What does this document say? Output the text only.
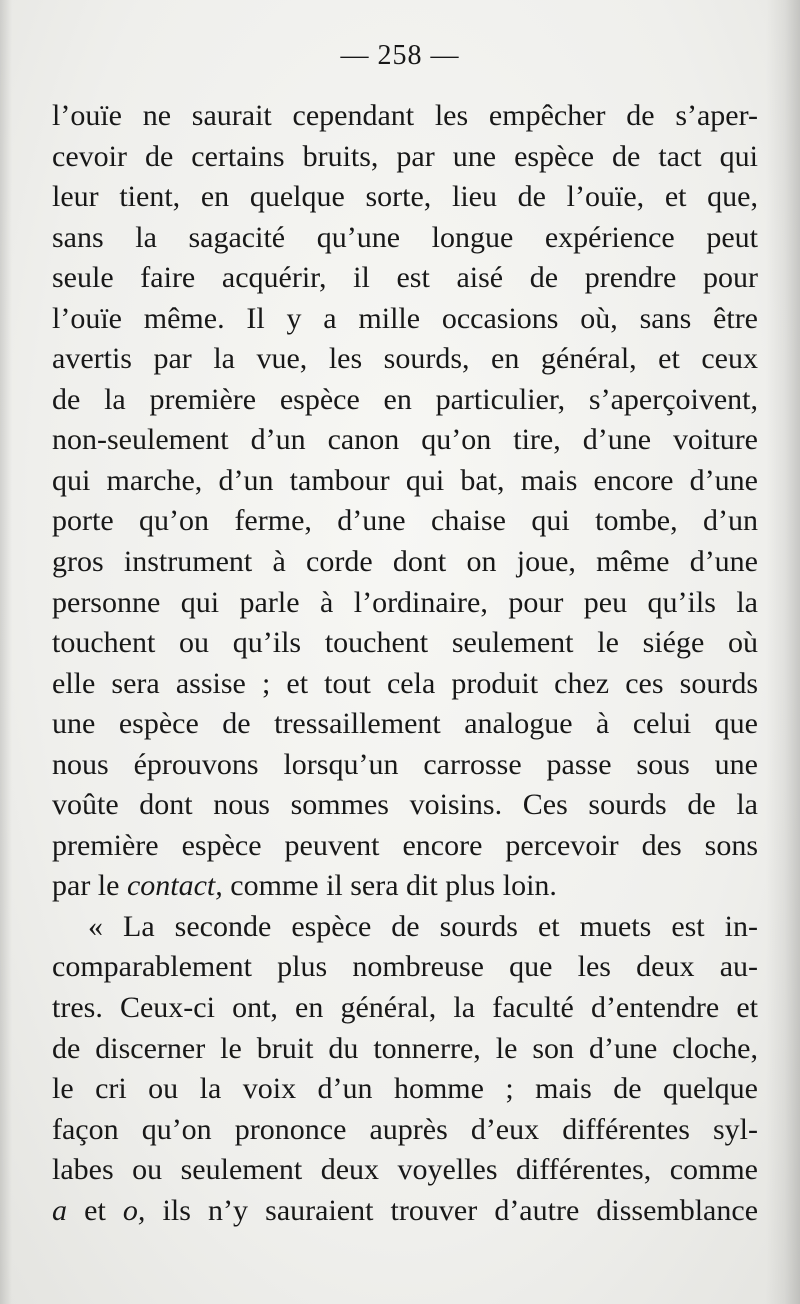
— 258 —
l’ouïe ne saurait cependant les empêcher de s’aper-
cevoir de certains bruits, par une espèce de tact qui
leur tient, en quelque sorte, lieu de l’ouïe, et que,
sans la sagacité qu’une longue expérience peut
seule faire acquérir, il est aisé de prendre pour
l’ouïe même. Il y a mille occasions où, sans être
avertis par la vue, les sourds, en général, et ceux
de la première espèce en particulier, s’aperçoivent,
non-seulement d’un canon qu’on tire, d’une voiture
qui marche, d’un tambour qui bat, mais encore d’une
porte qu’on ferme, d’une chaise qui tombe, d’un
gros instrument à corde dont on joue, même d’une
personne qui parle à l’ordinaire, pour peu qu’ils la
touchent ou qu’ils touchent seulement le siége où
elle sera assise ; et tout cela produit chez ces sourds
une espèce de tressaillement analogue à celui que
nous éprouvons lorsqu’un carrosse passe sous une
voûte dont nous sommes voisins. Ces sourds de la
première espèce peuvent encore percevoir des sons
par le contact, comme il sera dit plus loin.
« La seconde espèce de sourds et muets est in-
comparablement plus nombreuse que les deux au-
tres. Ceux-ci ont, en général, la faculté d’entendre et
de discerner le bruit du tonnerre, le son d’une cloche,
le cri ou la voix d’un homme ; mais de quelque
façon qu’on prononce auprès d’eux différentes syl-
labes ou seulement deux voyelles différentes, comme
a et o, ils n’y sauraient trouver d’autre dissemblance
